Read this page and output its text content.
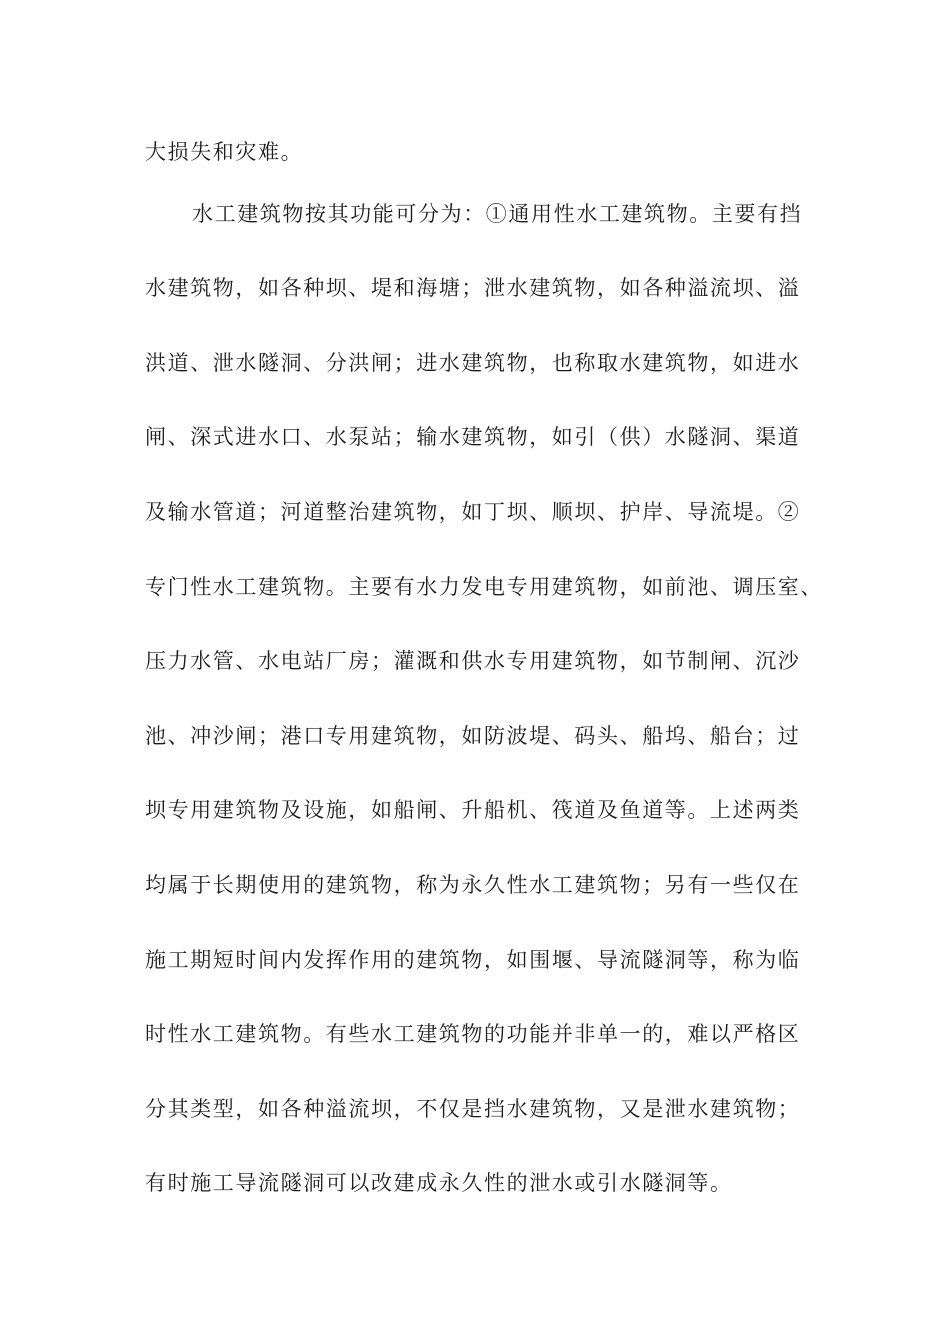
大损失和灾难。
水工建筑物按其功能可分为：①通用性水工建筑物。主要有挡
水建筑物，如各种坝、堤和海塘；泄水建筑物，如各种溢流坝、溢
洪道、泄水隧洞、分洪闸；进水建筑物，也称取水建筑物，如进水
闸、深式进水口、水泵站；输水建筑物，如引（供）水隧洞、渠道
及输水管道；河道整治建筑物，如丁坝、顺坝、护岸、导流堤。②
专门性水工建筑物。主要有水力发电专用建筑物，如前池、调压室、
压力水管、水电站厂房；灌溉和供水专用建筑物，如节制闸、沉沙
池、冲沙闸；港口专用建筑物，如防波堤、码头、船坞、船台；过
坝专用建筑物及设施，如船闸、升船机、筏道及鱼道等。上述两类
均属于长期使用的建筑物，称为永久性水工建筑物；另有一些仅在
施工期短时间内发挥作用的建筑物，如围堰、导流隧洞等，称为临
时性水工建筑物。有些水工建筑物的功能并非单一的，难以严格区
分其类型，如各种溢流坝，不仅是挡水建筑物，又是泄水建筑物；
有时施工导流隧洞可以改建成永久性的泄水或引水隧洞等。
